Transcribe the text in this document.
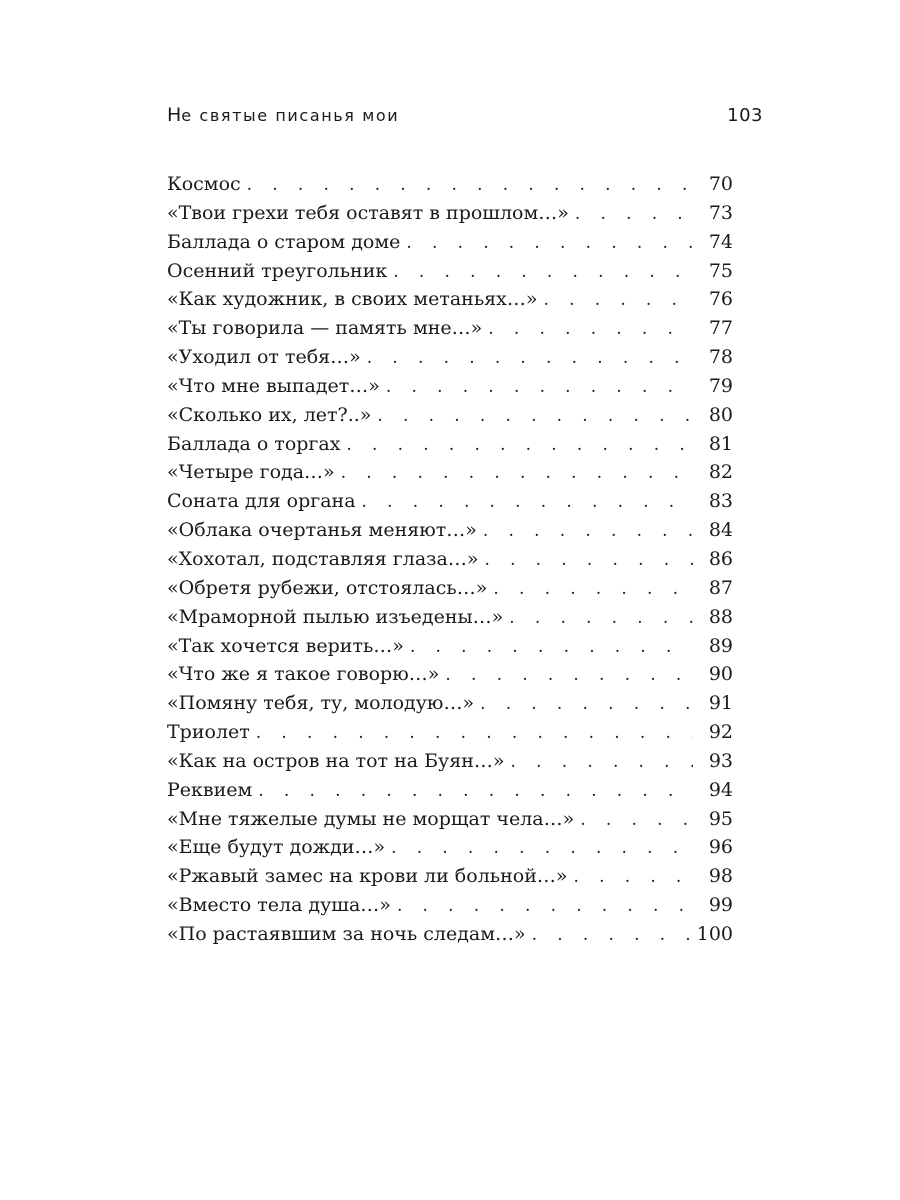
Не святые писанья мои	103
Космос . . .	70
«Твои грехи тебя оставят в прошлом…» . . .	73
Баллада о старом доме . . .	74
Осенний треугольник . . .	75
«Как художник, в своих метаньях…» . . .	76
«Ты говорила — память мне…» . . .	77
«Уходил от тебя…» . . .	78
«Что мне выпадет…» . . .	79
«Сколько их, лет?..» . . .	80
Баллада о торгах . . .	81
«Четыре года…» . . .	82
Соната для органа . . .	83
«Облака очертанья меняют…» . . .	84
«Хохотал, подставляя глаза…» . . .	86
«Обретя рубежи, отстоялась…» . . .	87
«Мраморной пылью изъедены…» . . .	88
«Так хочется верить…» . . .	89
«Что же я такое говорю…» . . .	90
«Помяну тебя, ту, молодую…» . . .	91
Триолет . . .	92
«Как на остров на тот на Буян…» . . .	93
Реквием . . .	94
«Мне тяжелые думы не морщат чела…» . . .	95
«Еще будут дожди…» . . .	96
«Ржавый замес на крови ли больной…» . . .	98
«Вместо тела душа…» . . .	99
«По растаявшим за ночь следам…» . . .	100
